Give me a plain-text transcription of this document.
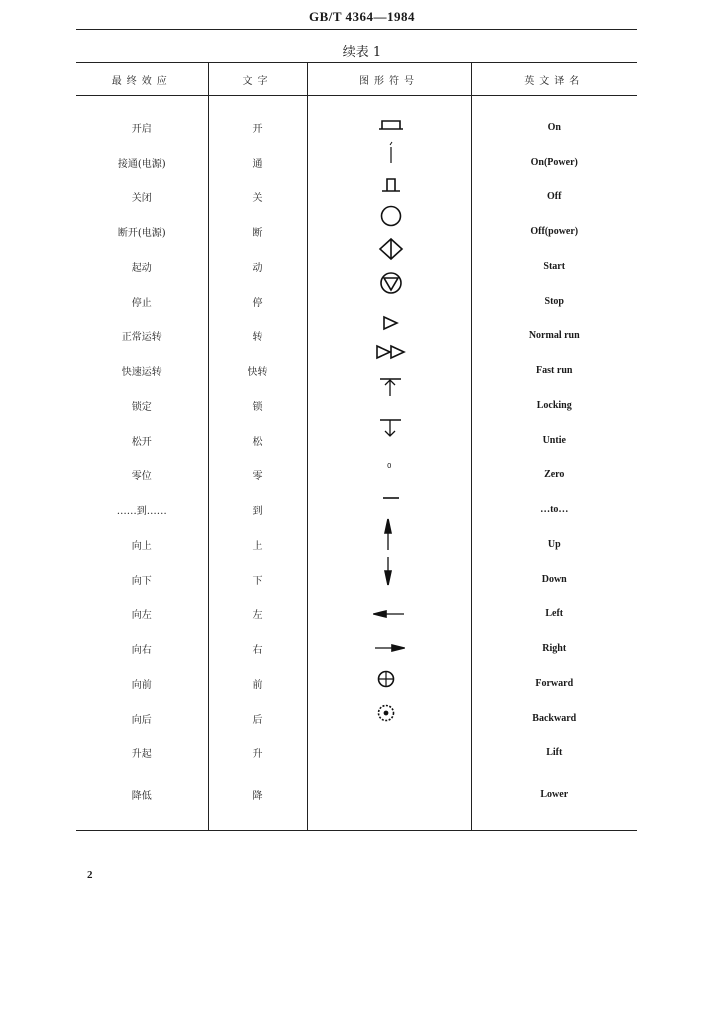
GB/T 4364—1984
续表 1
最终效应	文字	图形符号	英文译名
开启	开		On
接通(电源)	通		On(Power)
关闭	关		Off
断开(电源)	断		Off(power)
起动	动		Start
停止	停		Stop
正常运转	转		Normal run
快速运转	快转		Fast run
锁定	锁		Locking
松开	松		Untie
零位	零		Zero
……到……	到		…to…
向上	上		Up
向下	下		Down
向左	左		Left
向右	右		Right
向前	前		Forward
向后	后		Backward
升起	升		Lift
降低	降		Lower
0
2
